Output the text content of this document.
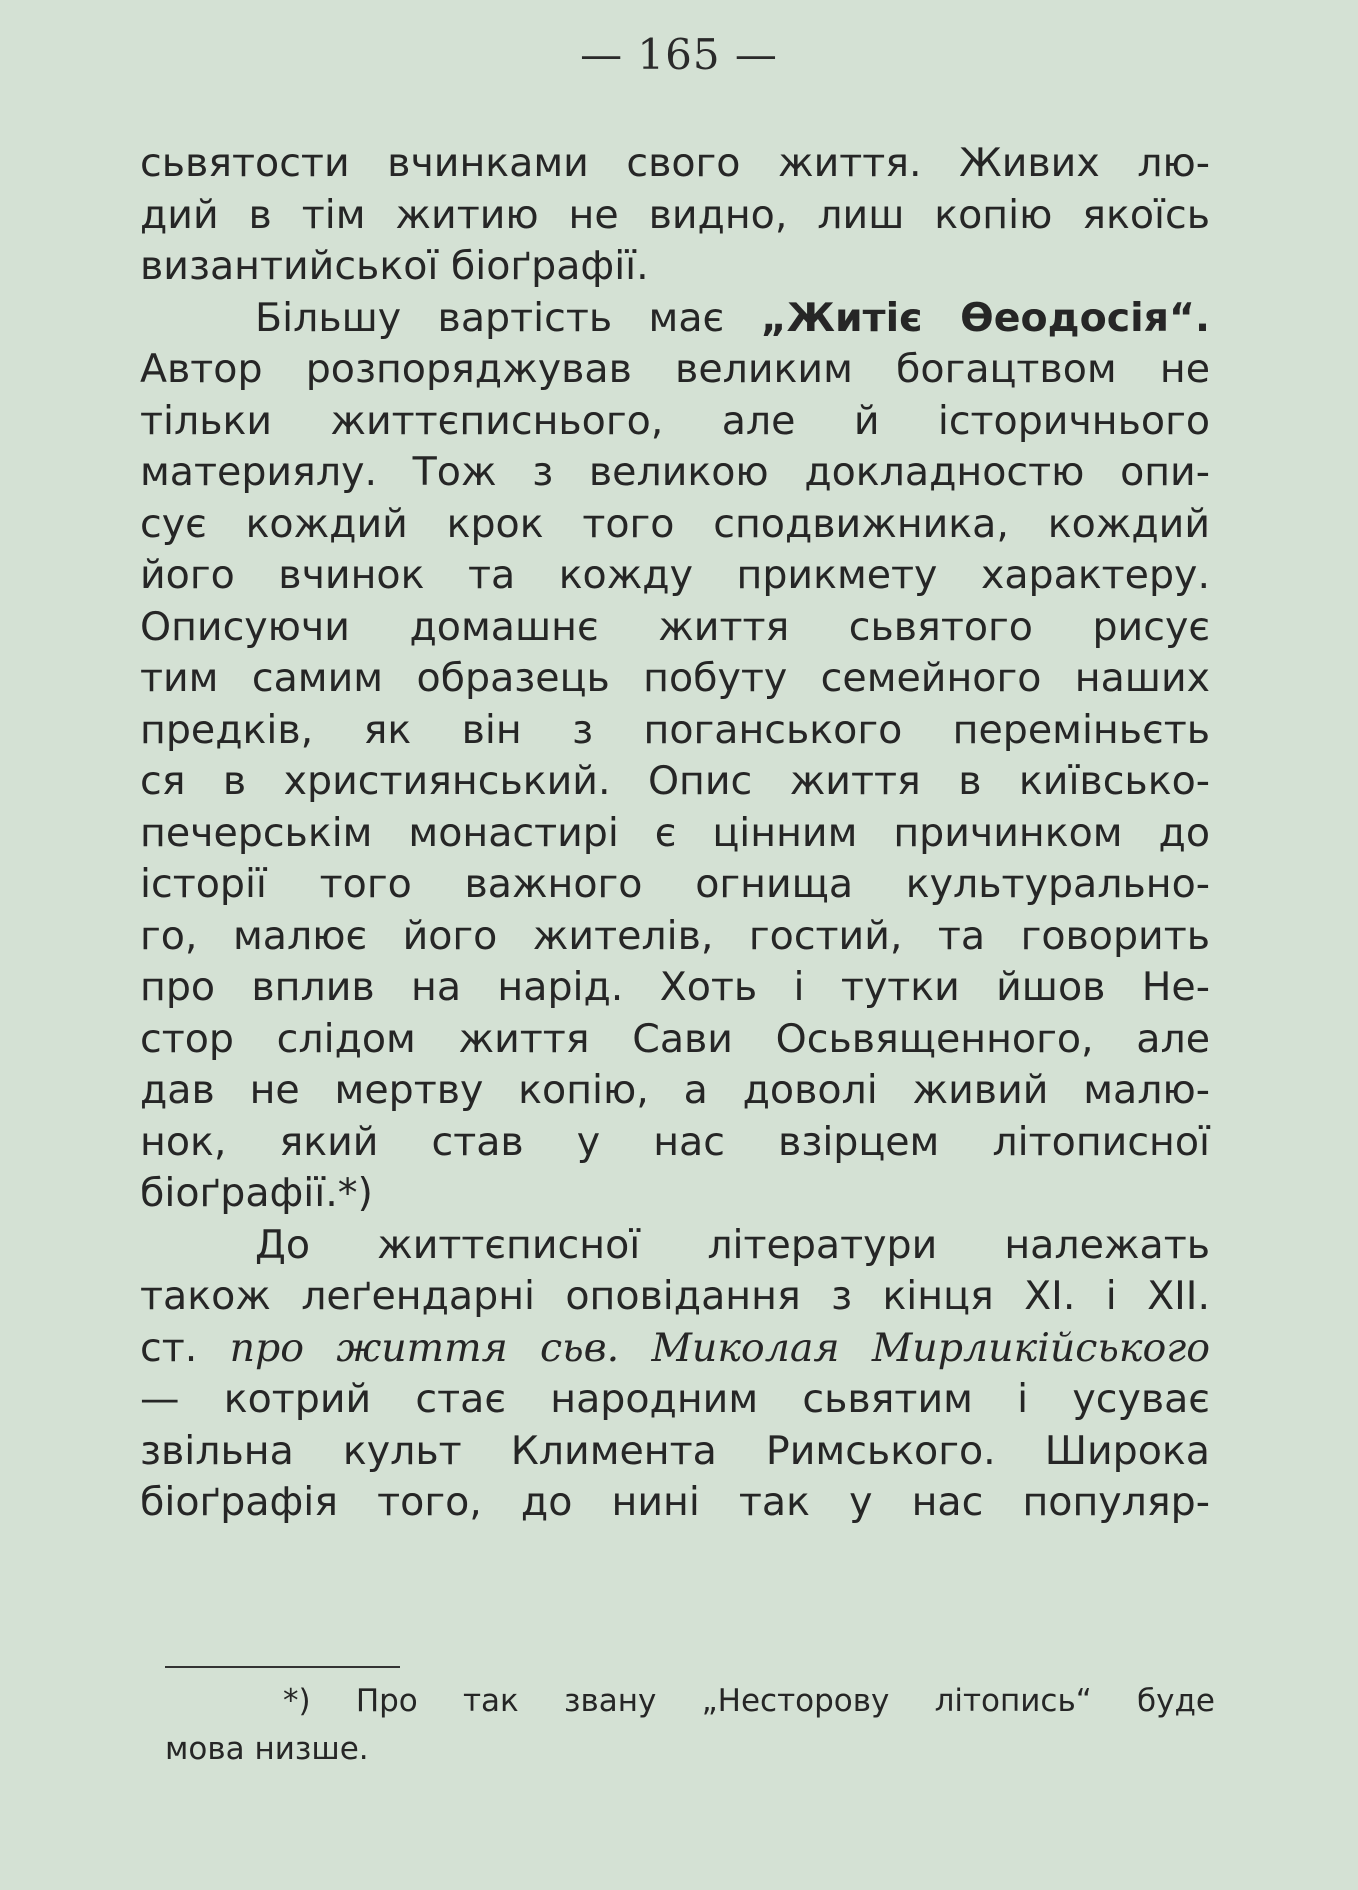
— 165 —
сьвятости вчинками свого життя. Живих лю-
дий в тім житию не видно, лиш копію якоїсь
византийської біоґрафії.
Більшу вартість має „Житіє Өеодосія“.
Автор розпоряджував великим богацтвом не
тільки життєписнього, але й історичнього
материялу. Тож з великою докладностю опи-
сує кождий крок того сподвижника, кождий
його вчинок та кожду прикмету характеру.
Описуючи домашнє життя сьвятого рисує
тим самим образець побуту семейного наших
предків, як він з поганського переміньєть
ся в християнський. Опис життя в київсько-
печерськім монастирі є цінним причинком до
історії того важного огнища культурально-
го, малює його жителів, гостий, та говорить
про вплив на нарід. Хоть і тутки йшов Не-
стор слідом життя Сави Осьвященного, але
дав не мертву копію, а доволі живий малю-
нок, який став у нас взірцем літописної
біоґрафії.*)
До життєписної літератури належать
також леґендарні оповідання з кінця XI. і XII.
ст. про життя сьв. Миколая Мирликійського
— котрий стає народним сьвятим і усуває
звільна культ Климента Римського. Широка
біоґрафія того, до нині так у нас популяр-
*) Про так звану „Несторову літопись“ буде
мова низше.
